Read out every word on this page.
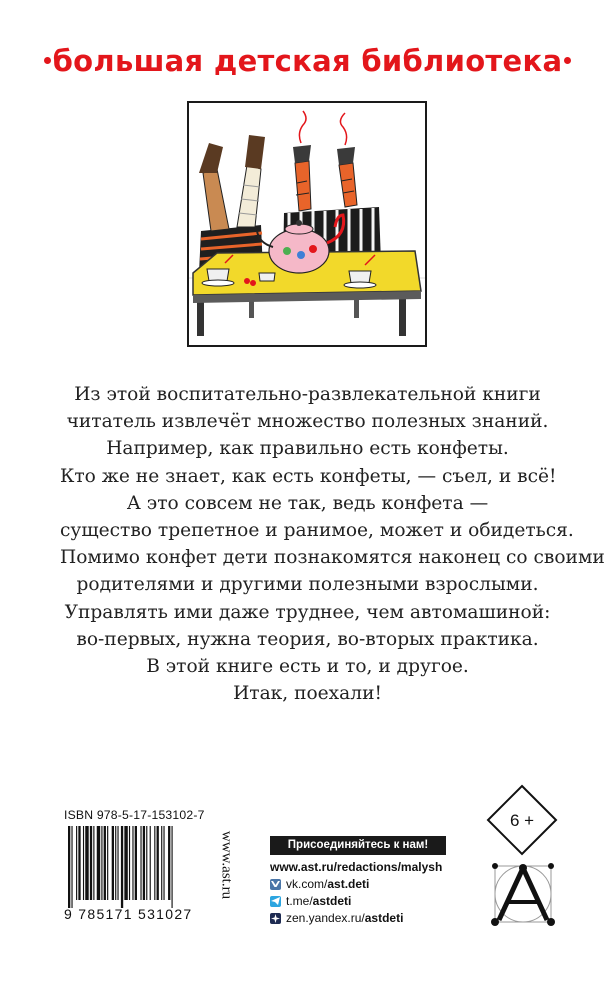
большая детская библиотека
Из этой воспитательно-развлекательной книги
читатель извлечёт множество полезных знаний.
Например, как правильно есть конфеты.
Кто же не знает, как есть конфеты, — съел, и всё!
А это совсем не так, ведь конфета —
существо трепетное и ранимое, может и обидеться.
Помимо конфет дети познакомятся наконец со своими
родителями и другими полезными взрослыми.
Управлять ими даже труднее, чем автомашиной:
во-первых, нужна теория, во-вторых практика.
В этой книге есть и то, и другое.
Итак, поехали!
ISBN 978-5-17-153102-7
9 785171 531027
www.ast.ru	Присоединяйтесь к нам!
www.ast.ru/redactions/malysh
vk.com/ ast.deti
t.me/ astdeti
zen.yandex.ru/ astdeti
6 +
